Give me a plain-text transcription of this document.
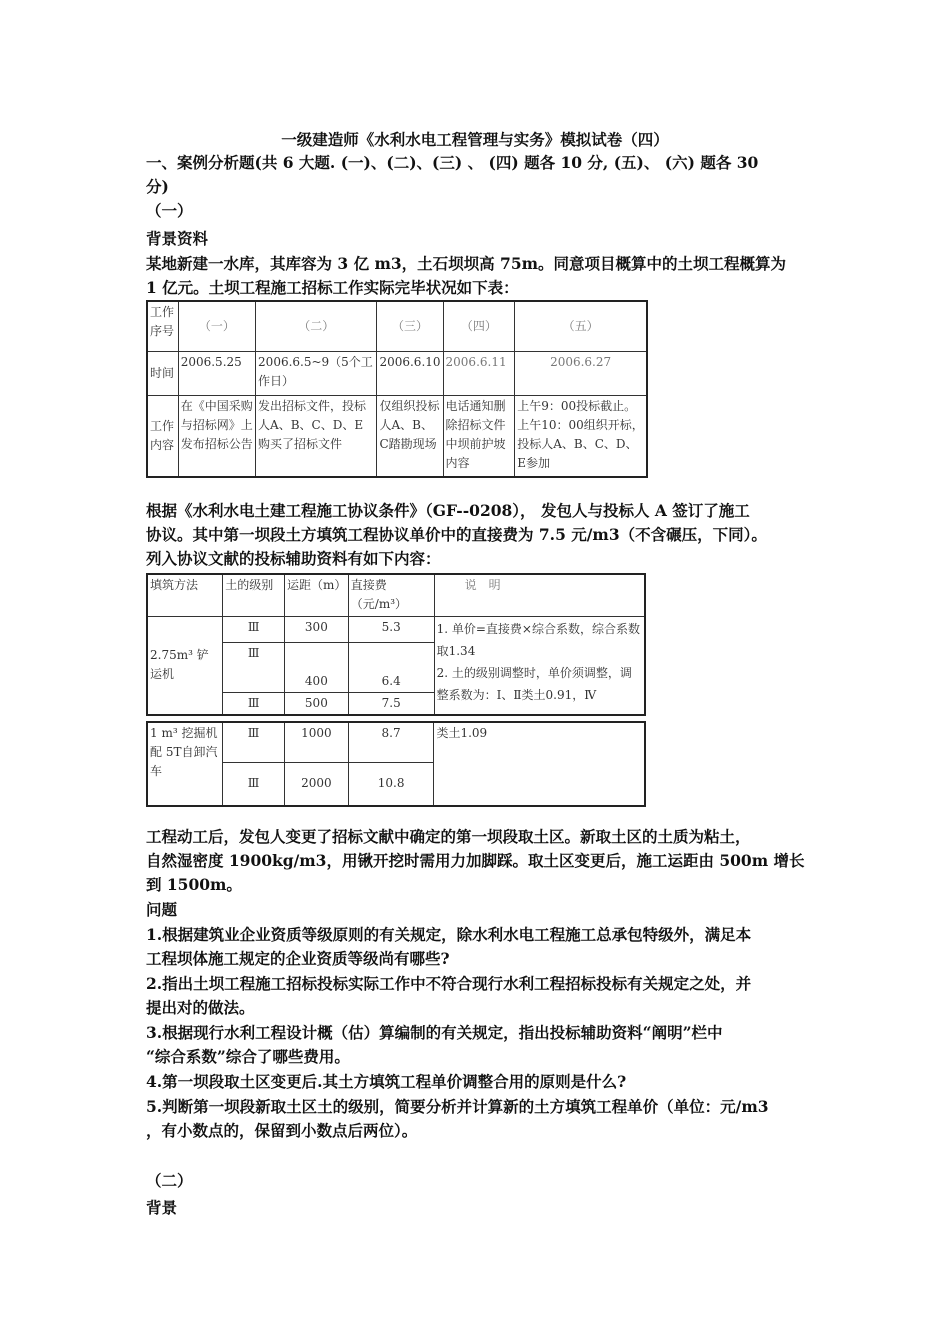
一级建造师《水利水电工程管理与实务》模拟试卷（四）
一、案例分析题(共 6 大题. (一)、(二)、(三) 、 (四) 题各 10 分, (五)、 (六) 题各 30
分)
（一）
背景资料
某地新建一水库，其库容为 3 亿 m3，土石坝坝高 75m。同意项目概算中的土坝工程概算为
1 亿元。土坝工程施工招标工作实际完毕状况如下表：
工作序号	（一）	（二）	（三）	（四）	（五）
时间	2006.5.25	2006.6.5~9（5个工作日）	2006.6.10	2006.6.11	2006.6.27
工作内容	在《中国采购与招标网》上发布招标公告	发出招标文件，投标人A、B、C、D、E购买了招标文件	仅组织投标人A、B、C踏勘现场	电话通知删除招标文件中坝前护坡内容	上午9：00投标截止。上午10：00组织开标，投标人A、B、C、D、E参加
根据《水利水电土建工程施工协议条件》（GF--0208）， 发包人与投标人 A 签订了施工
协议。其中第一坝段土方填筑工程协议单价中的直接费为 7.5 元/m3（不含碾压，下同）。
列入协议文献的投标辅助资料有如下内容：
填筑方法	土的级别	运距（m）	直接费（元/m³）	说　明
2.75m³ 铲运机	Ⅲ	300	5.3	1. 单价=直接费×综合系数，综合系数取1.34
2. 土的级别调整时，单价须调整，调整系数为：Ⅰ、Ⅱ类土0.91，Ⅳ

	Ⅲ	400	6.4	
	Ⅲ	500	7.5	
1 m³ 挖掘机配 5T自卸汽车	Ⅲ	1000	8.7	类土1.09
	Ⅲ	2000	10.8	
工程动工后，发包人变更了招标文献中确定的第一坝段取土区。新取土区的土质为粘土，
自然湿密度 1900kg/m3，用锹开挖时需用力加脚踩。取土区变更后，施工运距由 500m 增长
到 1500m。
问题
1.根据建筑业企业资质等级原则的有关规定，除水利水电工程施工总承包特级外，满足本
工程坝体施工规定的企业资质等级尚有哪些?
2.指出土坝工程施工招标投标实际工作中不符合现行水利工程招标投标有关规定之处，并
提出对的做法。
3.根据现行水利工程设计概（估）算编制的有关规定，指出投标辅助资料“阐明”栏中
“综合系数”综合了哪些费用。
4.第一坝段取土区变更后.其土方填筑工程单价调整合用的原则是什么?
5.判断第一坝段新取土区土的级别，简要分析并计算新的土方填筑工程单价（单位：元/m3
，有小数点的，保留到小数点后两位）。
（二）
背景
